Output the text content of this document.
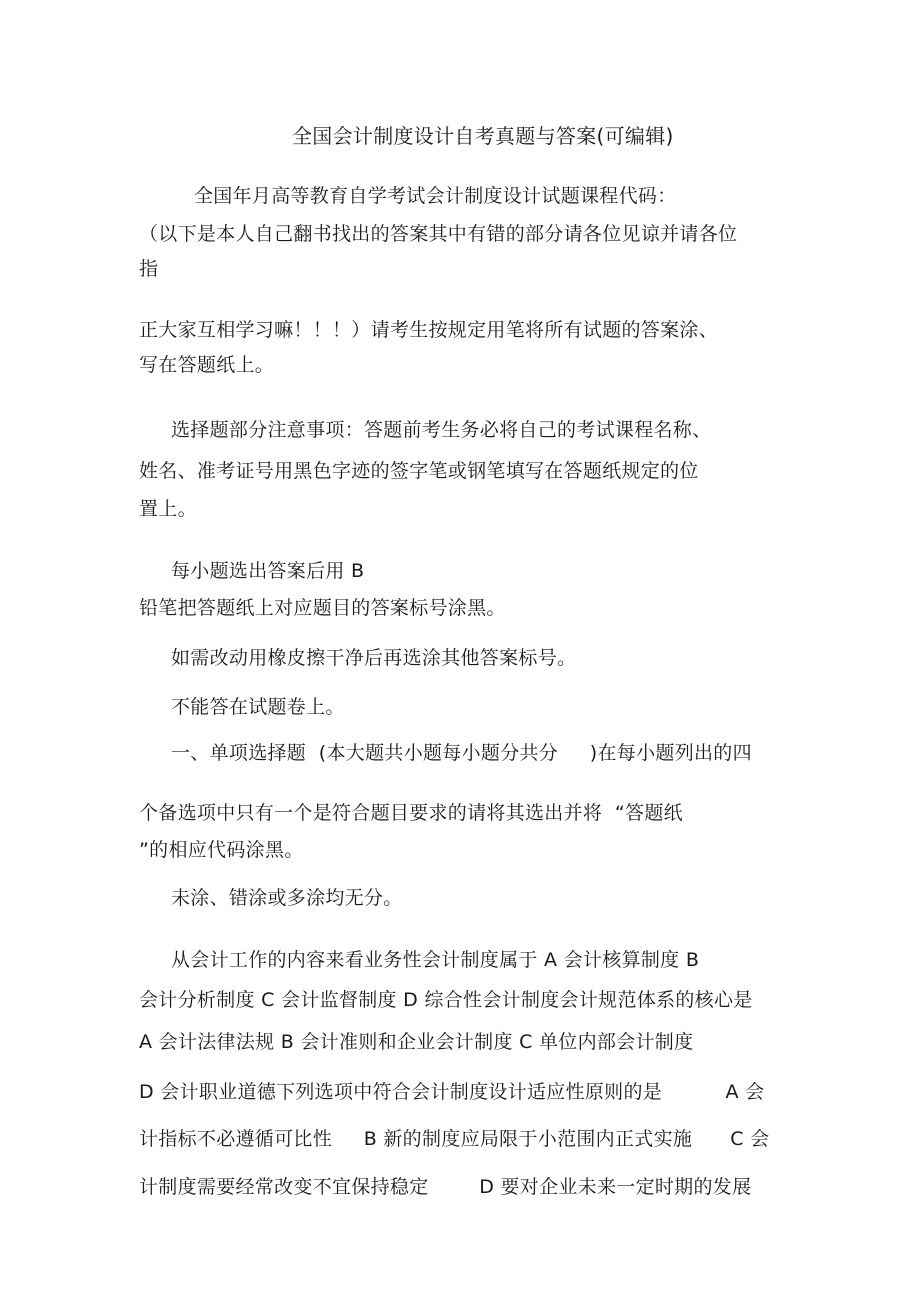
全国会计制度设计自考真题与答案(可编辑)

全国年月高等教育自学考试会计制度设计试题课程代码：

（以下是本人自己翻书找出的答案其中有错的部分请各位见谅并请各位

指

正大家互相学习嘛！！！）请考生按规定用笔将所有试题的答案涂、

写在答题纸上。

选择题部分注意事项：答题前考生务必将自己的考试课程名称、

姓名、准考证号用黑色字迹的签字笔或钢笔填写在答题纸规定的位

置上。

每小题选出答案后用 B

铅笔把答题纸上对应题目的答案标号涂黑。

如需改动用橡皮擦干净后再选涂其他答案标号。

不能答在试题卷上。

一、单项选择题  (本大题共小题每小题分共分     )在每小题列出的四

个备选项中只有一个是符合题目要求的请将其选出并将  “答题纸

”的相应代码涂黑。

未涂、错涂或多涂均无分。

从会计工作的内容来看业务性会计制度属于 A 会计核算制度 B

会计分析制度 C 会计监督制度 D 综合性会计制度会计规范体系的核心是

A 会计法律法规 B 会计准则和企业会计制度 C 单位内部会计制度

D 会计职业道德下列选项中符合会计制度设计适应性原则的是          A 会

计指标不必遵循可比性     B 新的制度应局限于小范围内正式实施      C 会

计制度需要经常改变不宜保持稳定        D 要对企业未来一定时期的发展
